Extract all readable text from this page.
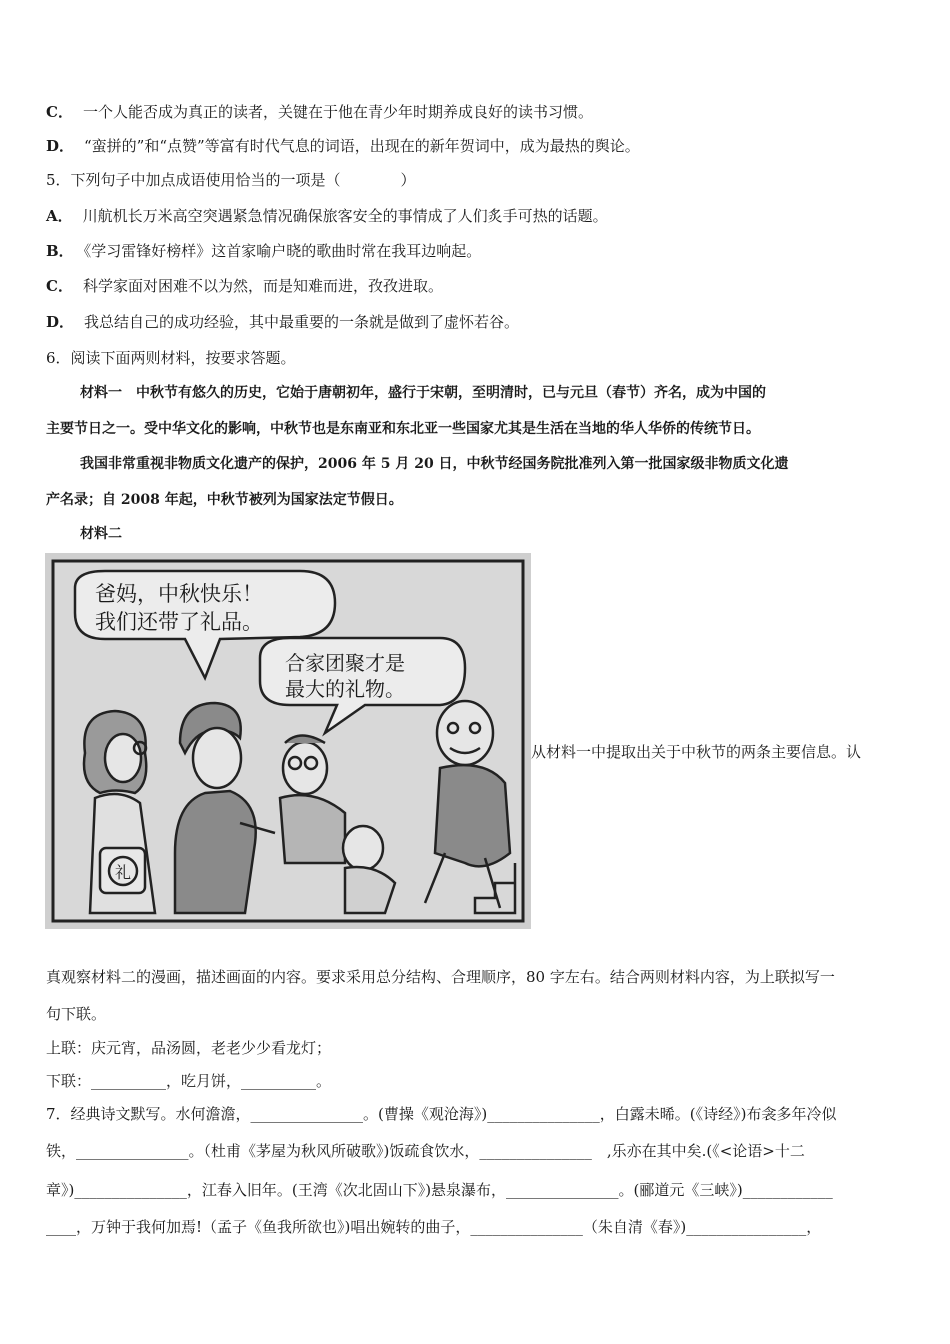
C． 一个人能否成为真正的读者，关键在于他在青少年时期养成良好的读书习惯。
D． “蛮拼的”和“点赞”等富有时代气息的词语，出现在的新年贺词中，成为最热的舆论。
5．下列句子中加点成语使用恰当的一项是（　　　　）
A． 川航机长万米高空突遇紧急情况确保旅客安全的事情成了人们炙手可热的话题。
B． 《学习雷锋好榜样》这首家喻户晓的歌曲时常在我耳边响起。
C． 科学家面对困难不以为然，而是知难而进，孜孜进取。
D． 我总结自己的成功经验，其中最重要的一条就是做到了虚怀若谷。
6．阅读下面两则材料，按要求答题。
材料一　中秋节有悠久的历史，它始于唐朝初年，盛行于宋朝，至明清时，已与元旦（春节）齐名，成为中国的
主要节日之一。受中华文化的影响，中秋节也是东南亚和东北亚一些国家尤其是生活在当地的华人华侨的传统节日。
我国非常重视非物质文化遗产的保护，2006 年 5 月 20 日，中秋节经国务院批准列入第一批国家级非物质文化遗
产名录；自 2008 年起，中秋节被列为国家法定节假日。
材料二
爸妈，中秋快乐！
我们还带了礼品。
合家团聚才是
最大的礼物。
礼
从材料一中提取出关于中秋节的两条主要信息。认
真观察材料二的漫画，描述画面的内容。要求采用总分结构、合理顺序，80 字左右。结合两则材料内容，为上联拟写一
句下联。
上联：庆元宵，品汤圆，老老少少看龙灯；
下联：__________，吃月饼，__________。
7．经典诗文默写。水何澹澹，_______________。(曹操《观沧海》)_______________，白露未晞。(《诗经》)布衾多年冷似
铁，_______________。（杜甫《茅屋为秋风所破歌》)饭疏食饮水，_______________　,乐亦在其中矣.(《<论语>十二
章》)_______________，江春入旧年。(王湾《次北固山下》)悬泉瀑布，_______________。(郦道元《三峡》)____________
____，万钟于我何加焉!（孟子《鱼我所欲也》)唱出婉转的曲子，_______________（朱自清《春》)________________，
